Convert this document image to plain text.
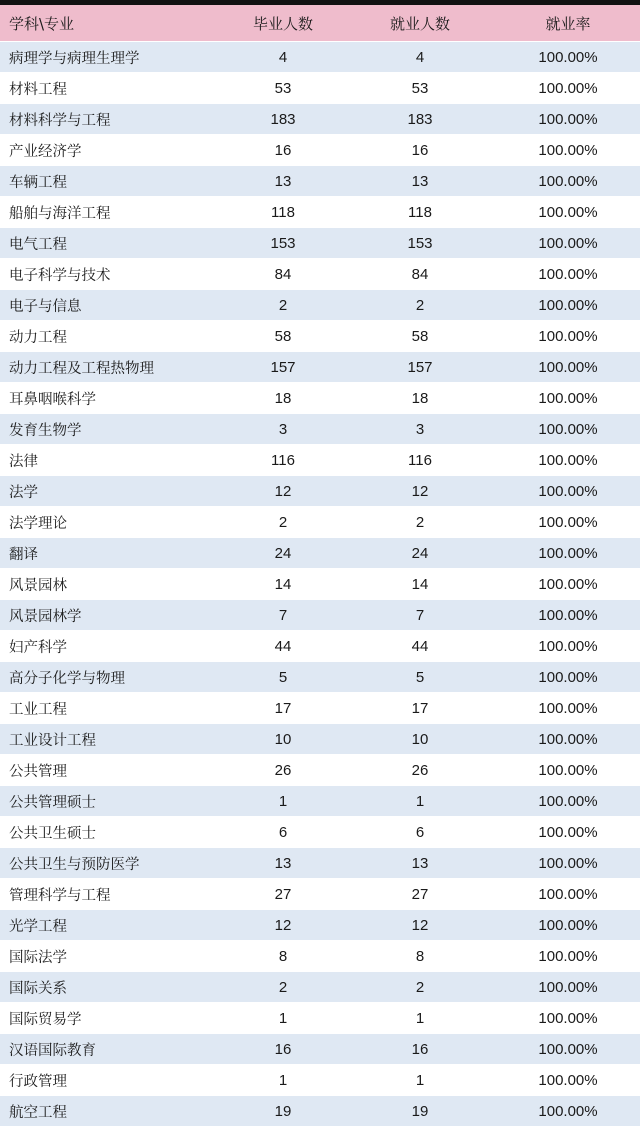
学科\专业	毕业人数	就业人数	就业率
病理学与病理生理学	4	4	100.00%
材料工程	53	53	100.00%
材料科学与工程	183	183	100.00%
产业经济学	16	16	100.00%
车辆工程	13	13	100.00%
船舶与海洋工程	118	118	100.00%
电气工程	153	153	100.00%
电子科学与技术	84	84	100.00%
电子与信息	2	2	100.00%
动力工程	58	58	100.00%
动力工程及工程热物理	157	157	100.00%
耳鼻咽喉科学	18	18	100.00%
发育生物学	3	3	100.00%
法律	116	116	100.00%
法学	12	12	100.00%
法学理论	2	2	100.00%
翻译	24	24	100.00%
风景园林	14	14	100.00%
风景园林学	7	7	100.00%
妇产科学	44	44	100.00%
高分子化学与物理	5	5	100.00%
工业工程	17	17	100.00%
工业设计工程	10	10	100.00%
公共管理	26	26	100.00%
公共管理硕士	1	1	100.00%
公共卫生硕士	6	6	100.00%
公共卫生与预防医学	13	13	100.00%
管理科学与工程	27	27	100.00%
光学工程	12	12	100.00%
国际法学	8	8	100.00%
国际关系	2	2	100.00%
国际贸易学	1	1	100.00%
汉语国际教育	16	16	100.00%
行政管理	1	1	100.00%
航空工程	19	19	100.00%
